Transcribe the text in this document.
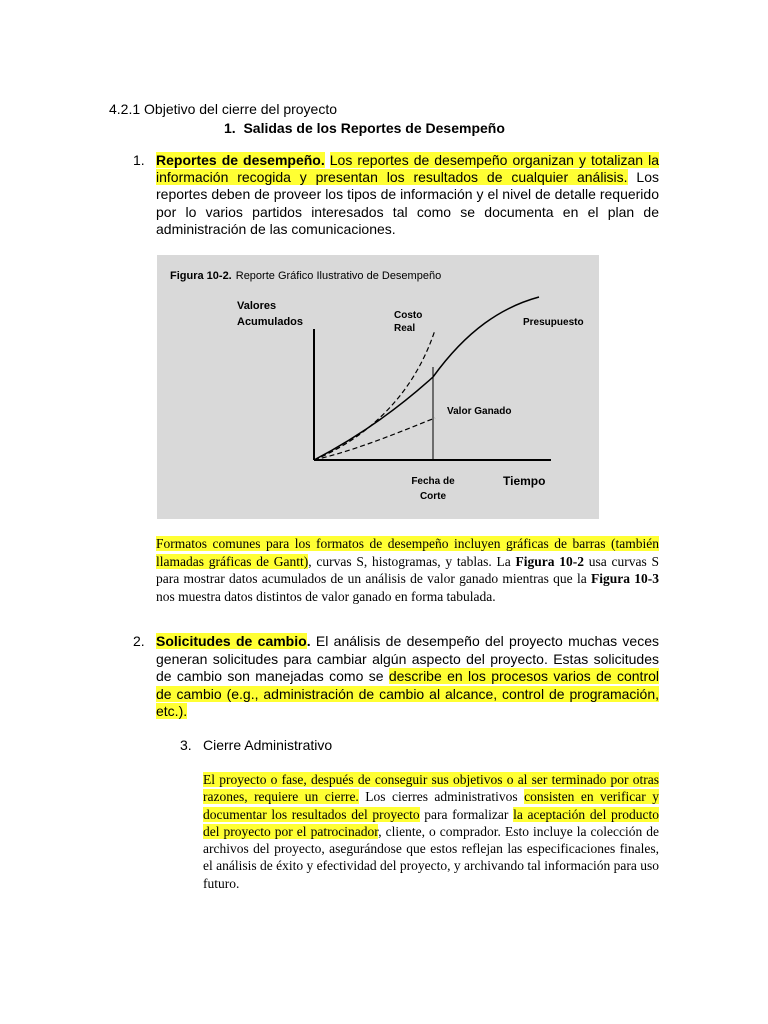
4.2.1 Objetivo del cierre del proyecto
1. Salidas de los Reportes de Desempeño
1. Reportes de desempeño. Los reportes de desempeño organizan y totalizan la información recogida y presentan los resultados de cualquier análisis. Los reportes deben de proveer los tipos de información y el nivel de detalle requerido por lo varios partidos interesados tal como se documenta en el plan de administración de las comunicaciones.
Figura 10-2. Reporte Gráfico Ilustrativo de Desempeño
Valores
Acumulados
Costo
Real
Presupuesto
Valor Ganado
Fecha de
Corte
Tiempo
Formatos comunes para los formatos de desempeño incluyen gráficas de barras (también llamadas gráficas de Gantt), curvas S, histogramas, y tablas. La Figura 10-2 usa curvas S para mostrar datos acumulados de un análisis de valor ganado mientras que la Figura 10-3 nos muestra datos distintos de valor ganado en forma tabulada.
2. Solicitudes de cambio. El análisis de desempeño del proyecto muchas veces generan solicitudes para cambiar algún aspecto del proyecto. Estas solicitudes de cambio son manejadas como se describe en los procesos varios de control de cambio (e.g., administración de cambio al alcance, control de programación, etc.).
3. Cierre Administrativo
El proyecto o fase, después de conseguir sus objetivos o al ser terminado por otras razones, requiere un cierre. Los cierres administrativos consisten en verificar y documentar los resultados del proyecto para formalizar la aceptación del producto del proyecto por el patrocinador, cliente, o comprador. Esto incluye la colección de archivos del proyecto, asegurándose que estos reflejan las especificaciones finales, el análisis de éxito y efectividad del proyecto, y archivando tal información para uso futuro.
